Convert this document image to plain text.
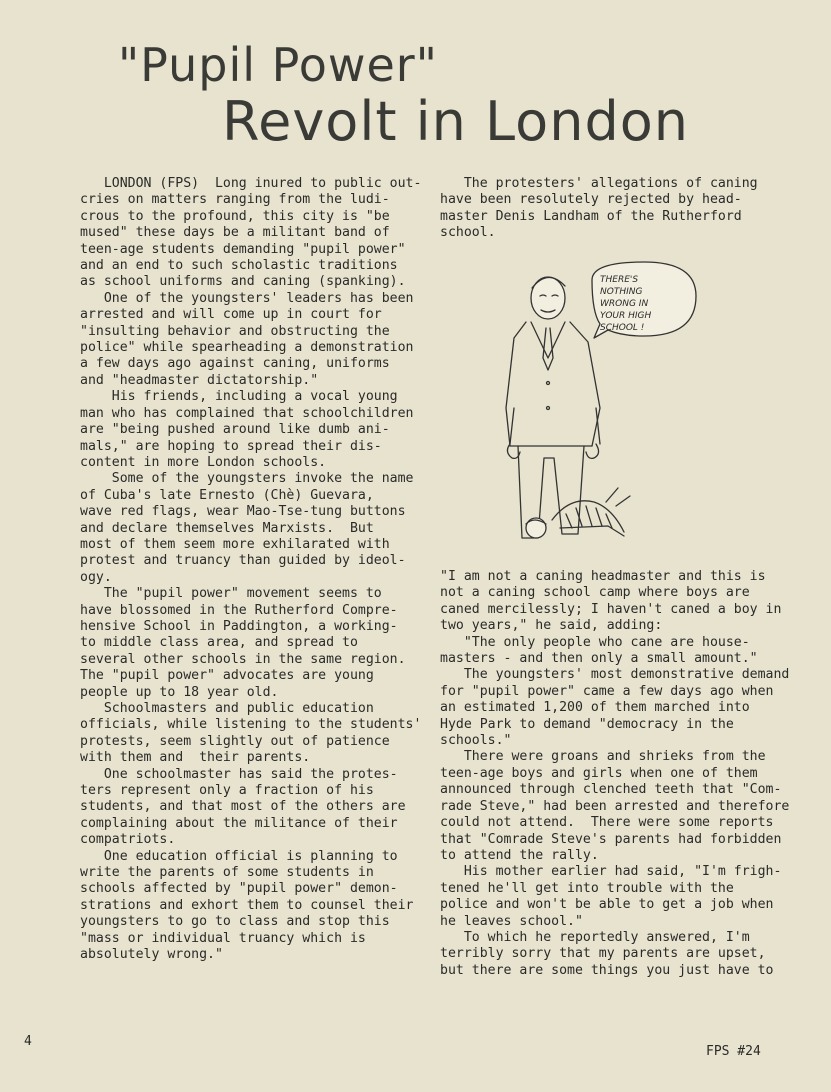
"Pupil Power"
Revolt in London
LONDON (FPS)  Long inured to public out-
cries on matters ranging from the ludi-
crous to the profound, this city is "be
mused" these days be a militant band of
teen-age students demanding "pupil power"
and an end to such scholastic traditions
as school uniforms and caning (spanking).
One of the youngsters' leaders has been
arrested and will come up in court for
"insulting behavior and obstructing the
police" while spearheading a demonstration
a few days ago against caning, uniforms
and "headmaster dictatorship."
His friends, including a vocal young
man who has complained that schoolchildren
are "being pushed around like dumb ani-
mals," are hoping to spread their dis-
content in more London schools.
Some of the youngsters invoke the name
of Cuba's late Ernesto (Chè) Guevara,
wave red flags, wear Mao-Tse-tung buttons
and declare themselves Marxists.  But
most of them seem more exhilarated with
protest and truancy than guided by ideol-
ogy.
The "pupil power" movement seems to
have blossomed in the Rutherford Compre-
hensive School in Paddington, a working-
to middle class area, and spread to
several other schools in the same region.
The "pupil power" advocates are young
people up to 18 year old.
Schoolmasters and public education
officials, while listening to the students'
protests, seem slightly out of patience
with them and  their parents.
One schoolmaster has said the protes-
ters represent only a fraction of his
students, and that most of the others are
complaining about the militance of their
compatriots.
One education official is planning to
write the parents of some students in
schools affected by "pupil power" demon-
strations and exhort them to counsel their
youngsters to go to class and stop this
"mass or individual truancy which is
absolutely wrong."
The protesters' allegations of caning
have been resolutely rejected by head-
master Denis Landham of the Rutherford
school.
THERE'S NOTHING WRONG IN YOUR HIGH SCHOOL !
"I am not a caning headmaster and this is
not a caning school camp where boys are
caned mercilessly; I haven't caned a boy in
two years," he said, adding:
"The only people who cane are house-
masters - and then only a small amount."
The youngsters' most demonstrative demand
for "pupil power" came a few days ago when
an estimated 1,200 of them marched into
Hyde Park to demand "democracy in the
schools."
There were groans and shrieks from the
teen-age boys and girls when one of them
announced through clenched teeth that "Com-
rade Steve," had been arrested and therefore
could not attend.  There were some reports
that "Comrade Steve's parents had forbidden
to attend the rally.
His mother earlier had said, "I'm frigh-
tened he'll get into trouble with the
police and won't be able to get a job when
he leaves school."
To which he reportedly answered, I'm
terribly sorry that my parents are upset,
but there are some things you just have to
4
FPS #24
